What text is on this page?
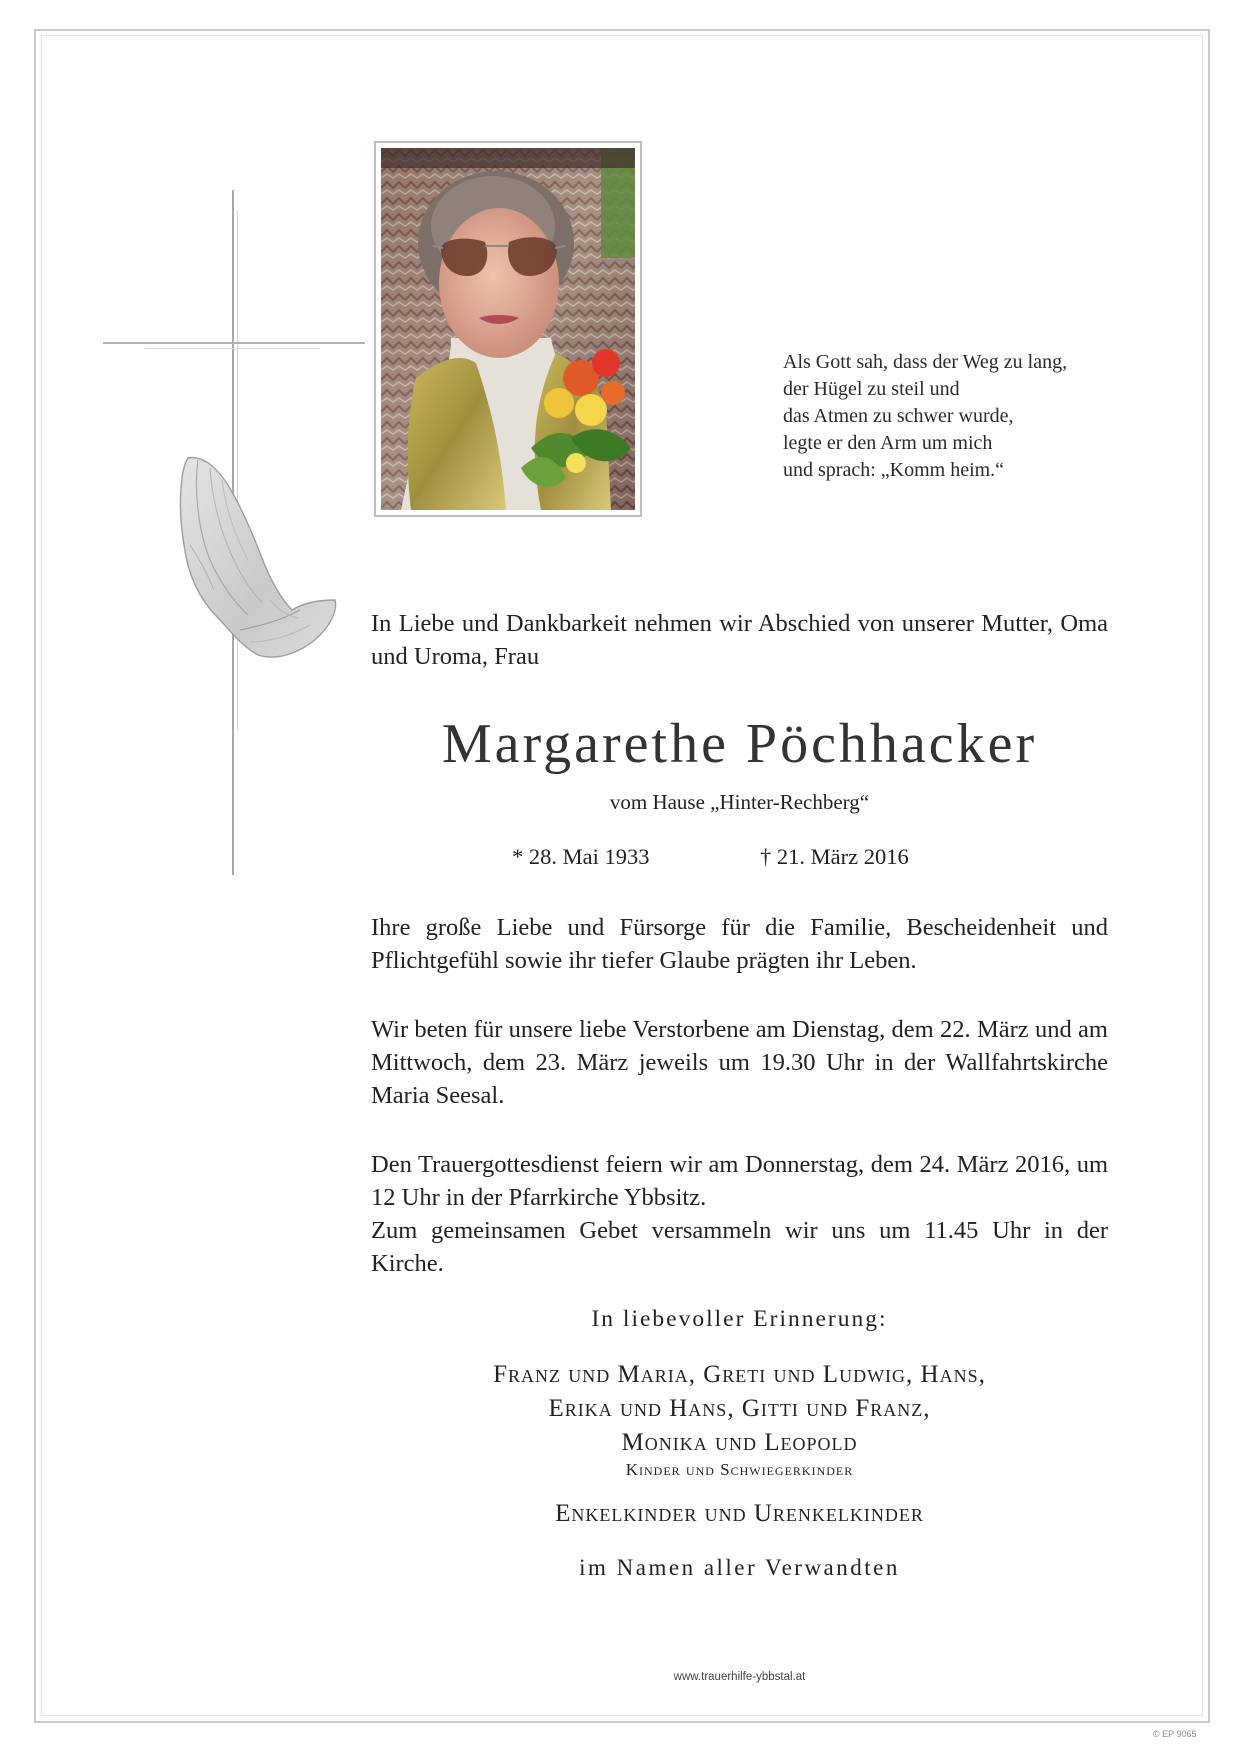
Als Gott sah, dass der Weg zu lang,
der Hügel zu steil und
das Atmen zu schwer wurde,
legte er den Arm um mich
und sprach: „Komm heim.“
In Liebe und Dankbarkeit nehmen wir Abschied von unserer Mutter, Oma und Uroma, Frau
Margarethe Pöchhacker
vom Hause „Hinter-Rechberg“
* 28. Mai 1933	† 21. März 2016
Ihre große Liebe und Fürsorge für die Familie, Bescheidenheit und Pflichtgefühl sowie ihr tiefer Glaube prägten ihr Leben.
Wir beten für unsere liebe Verstorbene am Dienstag, dem 22. März und am Mittwoch, dem 23. März jeweils um 19.30 Uhr in der Wallfahrtskirche Maria Seesal.
Den Trauergottesdienst feiern wir am Donnerstag, dem 24. März 2016, um 12 Uhr in der Pfarrkirche Ybbsitz.
Zum gemeinsamen Gebet versammeln wir uns um 11.45 Uhr in der Kirche.
In liebevoller Erinnerung:
Franz und Maria, Greti und Ludwig, Hans,
Erika und Hans, Gitti und Franz,
Monika und Leopold
Kinder und Schwiegerkinder
Enkelkinder und Urenkelkinder
im Namen aller Verwandten
www.trauerhilfe-ybbstal.at
© EP 9065
